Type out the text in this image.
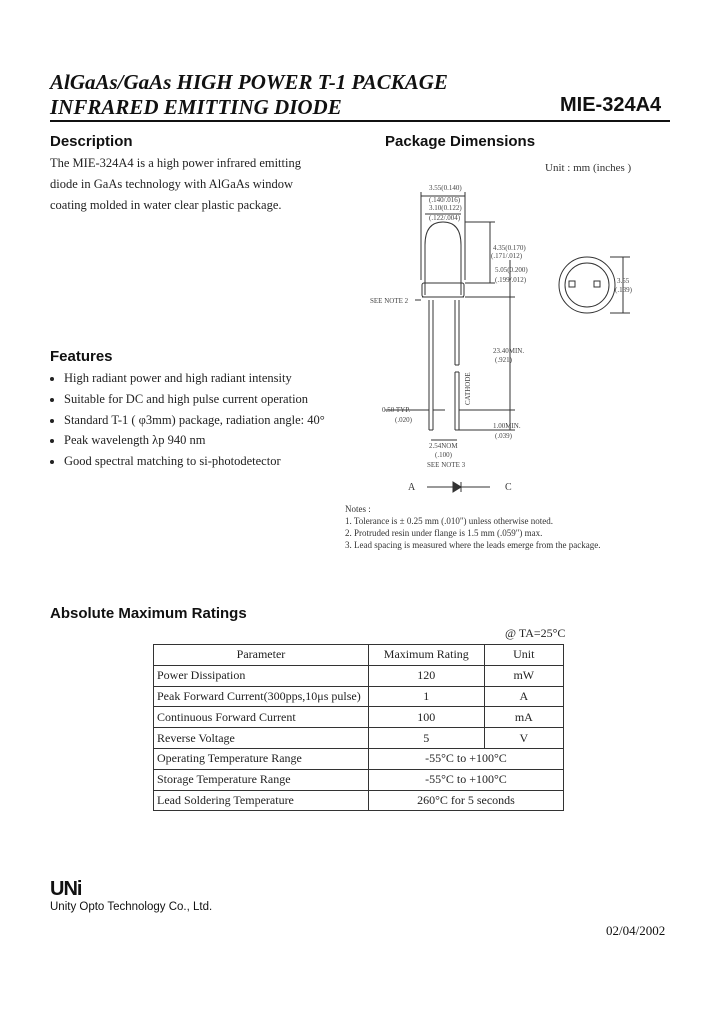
AlGaAs/GaAs HIGH POWER T-1 PACKAGE
INFRARED EMITTING DIODE	MIE-324A4
Description
The MIE-324A4 is a high power infrared emitting
diode in GaAs technology with AlGaAs window
coating molded in water clear plastic package.
Package Dimensions
Unit : mm (inches )
3.55(0.140)
(.140/.016)
3.10(0.122)
(.122/.004)
4.35(0.170)
(.171/.012)
5.05(0.200)
(.199/.012)
SEE NOTE 2
23.40MIN.
(.921)
1.00MIN.
(.039)
0.50 TYP.
(.020)
2.54NOM
(.100)
SEE NOTE 3
3.55
(.139)
CATHODE
A	C
Notes :
1. Tolerance is ± 0.25 mm (.010") unless otherwise noted.
2. Protruded resin under flange is 1.5 mm (.059") max.
3. Lead spacing is measured where the leads emerge from the package.
Features
• High radiant power and high radiant intensity
• Suitable for DC and high pulse current operation
• Standard T-1 ( φ3mm) package, radiation angle: 40°
• Peak wavelength λp 940 nm
• Good spectral matching to si-photodetector
Absolute Maximum Ratings
@ TA=25°C
Parameter	Maximum Rating	Unit
Power Dissipation	120	mW
Peak Forward Current(300pps,10μs pulse)	1	A
Continuous Forward Current	100	mA
Reverse Voltage	5	V
Operating Temperature Range	-55°C to +100°C	
Storage Temperature Range	-55°C to +100°C	
Lead Soldering Temperature	260°C for 5 seconds	
UNi
Unity Opto Technology Co., Ltd.
02/04/2002
